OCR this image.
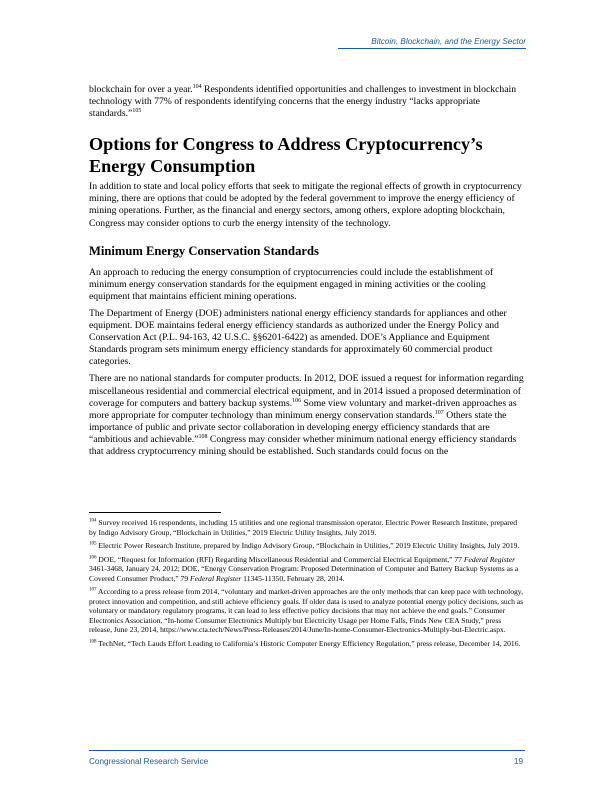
Bitcoin, Blockchain, and the Energy Sector

blockchain for over a year.$^{104}$ Respondents identified opportunities and challenges to investment in blockchain technology with 77% of respondents identifying concerns that the energy industry “lacks appropriate standards.”$^{105}$

Options for Congress to Address Cryptocurrency’s Energy Consumption

In addition to state and local policy efforts that seek to mitigate the regional effects of growth in cryptocurrency mining, there are options that could be adopted by the federal government to improve the energy efficiency of mining operations. Further, as the financial and energy sectors, among others, explore adopting blockchain, Congress may consider options to curb the energy intensity of the technology.

Minimum Energy Conservation Standards

An approach to reducing the energy consumption of cryptocurrencies could include the establishment of minimum energy conservation standards for the equipment engaged in mining activities or the cooling equipment that maintains efficient mining operations.

The Department of Energy (DOE) administers national energy efficiency standards for appliances and other equipment. DOE maintains federal energy efficiency standards as authorized under the Energy Policy and Conservation Act (P.L. 94-163, 42 U.S.C. §§6201-6422) as amended. DOE’s Appliance and Equipment Standards program sets minimum energy efficiency standards for approximately 60 commercial product categories.

There are no national standards for computer products. In 2012, DOE issued a request for information regarding miscellaneous residential and commercial electrical equipment, and in 2014 issued a proposed determination of coverage for computers and battery backup systems.$^{106}$ Some view voluntary and market-driven approaches as more appropriate for computer technology than minimum energy conservation standards.$^{107}$ Others state the importance of public and private sector collaboration in developing energy efficiency standards that are “ambitious and achievable.”$^{108}$ Congress may consider whether minimum national energy efficiency standards that address cryptocurrency mining should be established. Such standards could focus on the

$^{104}$ Survey received 16 respondents, including 15 utilities and one regional transmission operator. Electric Power Research Institute, prepared by Indigo Advisory Group, “Blockchain in Utilities,” 2019 Electric Utility Insights, July 2019.

$^{105}$ Electric Power Research Institute, prepared by Indigo Advisory Group, “Blockchain in Utilities,” 2019 Electric Utility Insights, July 2019.

$^{106}$ DOE, “Request for Information (RFI) Regarding Miscellaneous Residential and Commercial Electrical Equipment,” 77 Federal Register 3461-3468, January 24, 2012; DOE, “Energy Conservation Program: Proposed Determination of Computer and Battery Backup Systems as a Covered Consumer Product,” 79 Federal Register 11345-11350, February 28, 2014.

$^{107}$ According to a press release from 2014, “voluntary and market-driven approaches are the only methods that can keep pace with technology, protect innovation and competition, and still achieve efficiency goals. If older data is used to analyze potential energy policy decisions, such as voluntary or mandatory regulatory programs, it can lead to less effective policy decisions that may not achieve the end goals.” Consumer Electronics Association, “In-home Consumer Electronics Multiply but Electricity Usage per Home Falls, Finds New CEA Study,” press release, June 23, 2014, https://www.cta.tech/News/Press-Releases/2014/June/In-home-Consumer-Electronics-Multiply-but-Electric.aspx.

$^{108}$ TechNet, “Tech Lauds Effort Leading to California’s Historic Computer Energy Efficiency Regulation,” press release, December 14, 2016.

Congressional Research Service	19
